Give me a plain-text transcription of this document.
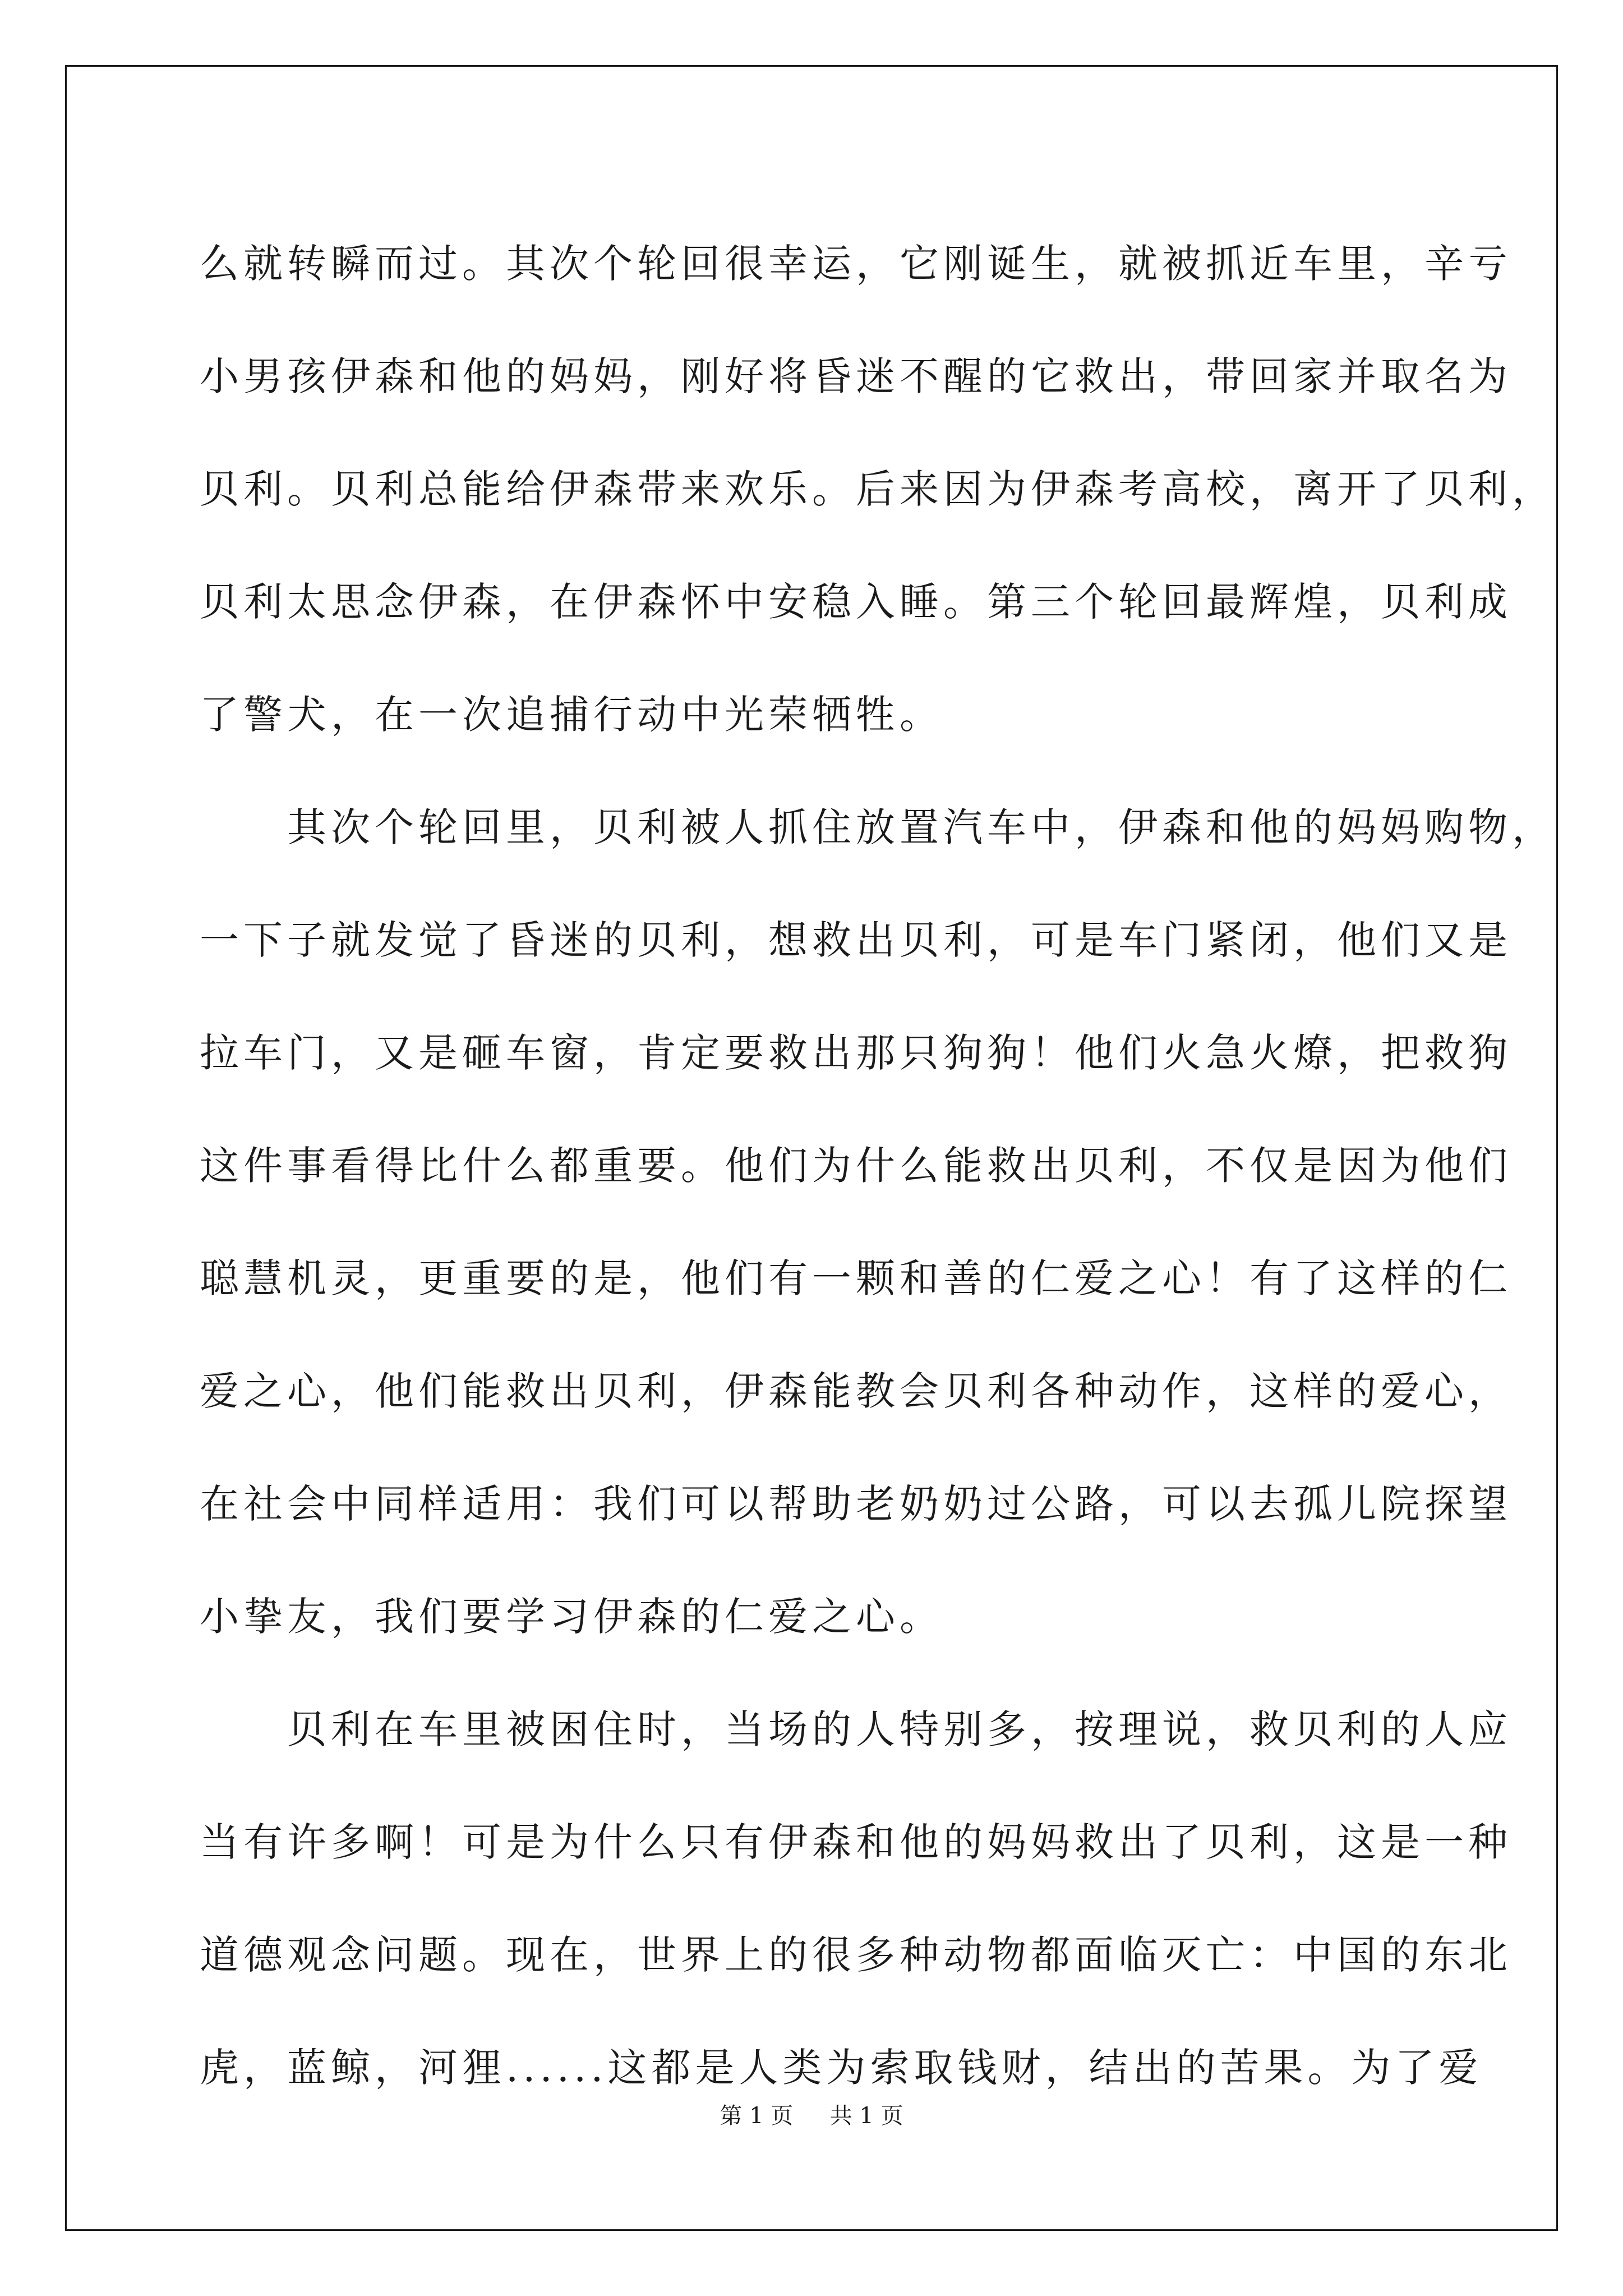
么就转瞬而过。其次个轮回很幸运，它刚诞生，就被抓近车里，辛亏
小男孩伊森和他的妈妈，刚好将昏迷不醒的它救出，带回家并取名为
贝利。贝利总能给伊森带来欢乐。后来因为伊森考高校，离开了贝利，
贝利太思念伊森，在伊森怀中安稳入睡。第三个轮回最辉煌，贝利成
了警犬，在一次追捕行动中光荣牺牲。
　　其次个轮回里，贝利被人抓住放置汽车中，伊森和他的妈妈购物，
一下子就发觉了昏迷的贝利，想救出贝利，可是车门紧闭，他们又是
拉车门，又是砸车窗，肯定要救出那只狗狗！他们火急火燎，把救狗
这件事看得比什么都重要。他们为什么能救出贝利，不仅是因为他们
聪慧机灵，更重要的是，他们有一颗和善的仁爱之心！有了这样的仁
爱之心，他们能救出贝利，伊森能教会贝利各种动作，这样的爱心，
在社会中同样适用：我们可以帮助老奶奶过公路，可以去孤儿院探望
小挚友，我们要学习伊森的仁爱之心。
　　贝利在车里被困住时，当场的人特别多，按理说，救贝利的人应
当有许多啊！可是为什么只有伊森和他的妈妈救出了贝利，这是一种
道德观念问题。现在，世界上的很多种动物都面临灭亡：中国的东北
虎，蓝鲸，河狸......这都是人类为索取钱财，结出的苦果。为了爱
第 1 页 共 1 页
